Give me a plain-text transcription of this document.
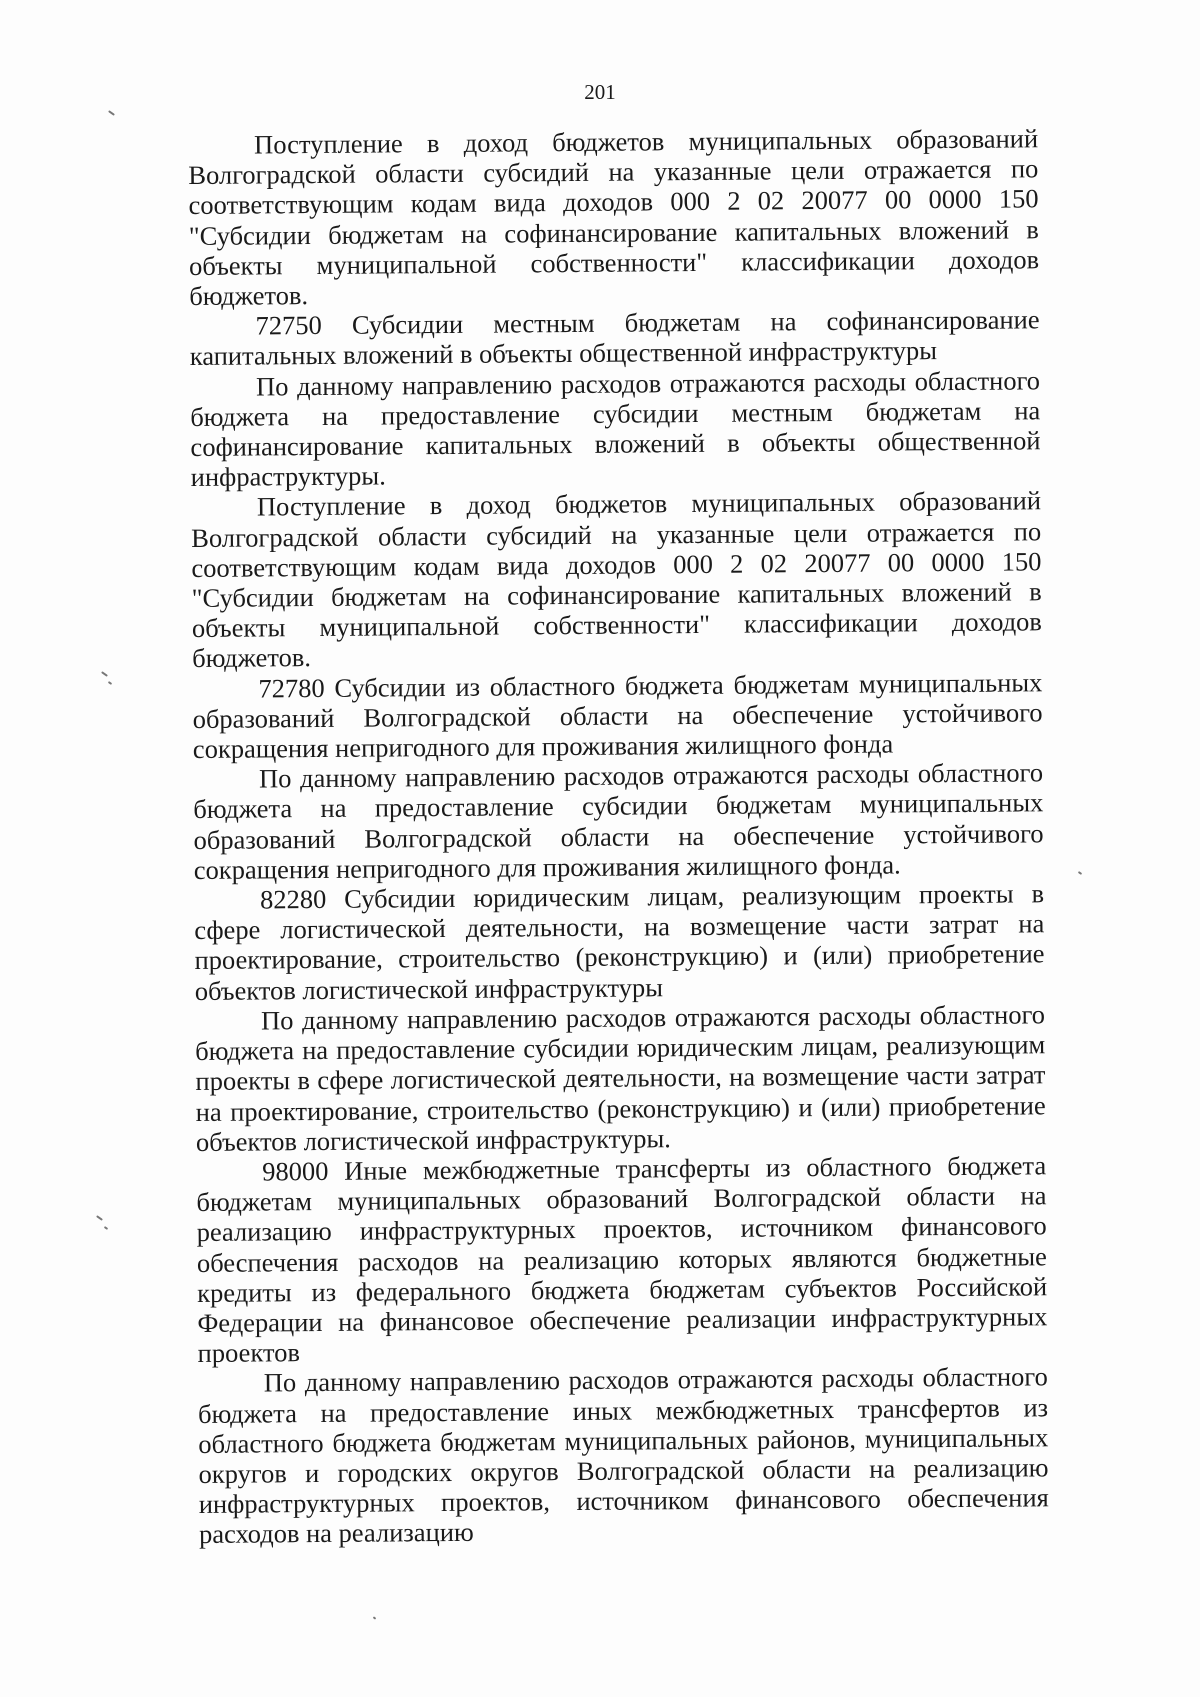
201

Поступление в доход бюджетов муниципальных образований Волгоградской области субсидий на указанные цели отражается по соответствующим кодам вида доходов 000 2 02 20077 00 0000 150 "Субсидии бюджетам на софинансирование капитальных вложений в объекты муниципальной собственности" классификации доходов бюджетов.

72750 Субсидии местным бюджетам на софинансирование капитальных вложений в объекты общественной инфраструктуры

По данному направлению расходов отражаются расходы областного бюджета на предоставление субсидии местным бюджетам на софинансирование капитальных вложений в объекты общественной инфраструктуры.

Поступление в доход бюджетов муниципальных образований Волгоградской области субсидий на указанные цели отражается по соответствующим кодам вида доходов 000 2 02 20077 00 0000 150 "Субсидии бюджетам на софинансирование капитальных вложений в объекты муниципальной собственности" классификации доходов бюджетов.

72780 Субсидии из областного бюджета бюджетам муниципальных образований Волгоградской области на обеспечение устойчивого сокращения непригодного для проживания жилищного фонда

По данному направлению расходов отражаются расходы областного бюджета на предоставление субсидии бюджетам муниципальных образований Волгоградской области на обеспечение устойчивого сокращения непригодного для проживания жилищного фонда.

82280 Субсидии юридическим лицам, реализующим проекты в сфере логистической деятельности, на возмещение части затрат на проектирование, строительство (реконструкцию) и (или) приобретение объектов логистической инфраструктуры

По данному направлению расходов отражаются расходы областного бюджета на предоставление субсидии юридическим лицам, реализующим проекты в сфере логистической деятельности, на возмещение части затрат на проектирование, строительство (реконструкцию) и (или) приобретение объектов логистической инфраструктуры.

98000 Иные межбюджетные трансферты из областного бюджета бюджетам муниципальных образований Волгоградской области на реализацию инфраструктурных проектов, источником финансового обеспечения расходов на реализацию которых являются бюджетные кредиты из федерального бюджета бюджетам субъектов Российской Федерации на финансовое обеспечение реализации инфраструктурных проектов

По данному направлению расходов отражаются расходы областного бюджета на предоставление иных межбюджетных трансфертов из областного бюджета бюджетам муниципальных районов, муниципальных округов и городских округов Волгоградской области на реализацию инфраструктурных проектов, источником финансового обеспечения расходов на реализацию
